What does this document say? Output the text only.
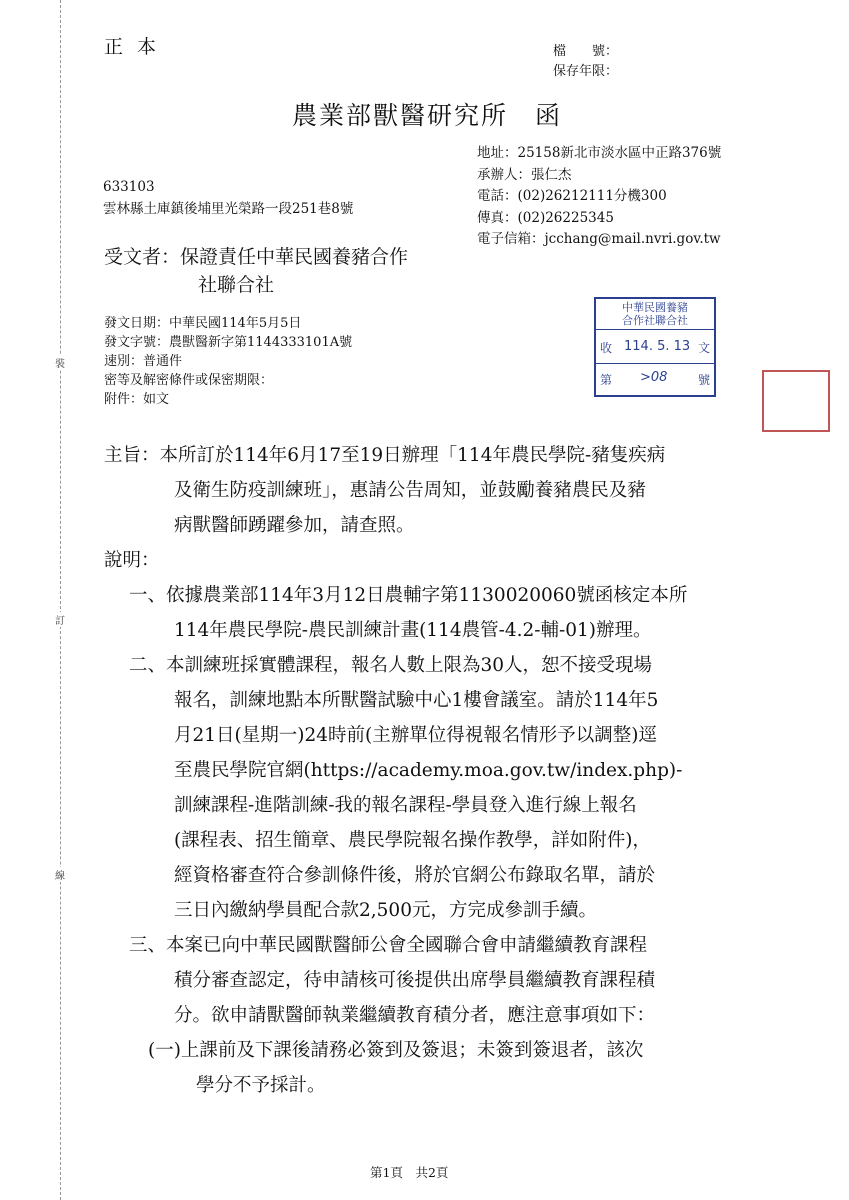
裝
訂
線
正本	檔　　號：
保存年限：
農業部獸醫研究所　函
地址：25158新北市淡水區中正路376號
承辦人：張仁杰
電話：(02)26212111分機300
傳真：(02)26225345
電子信箱：jcchang@mail.nvri.gov.tw
633103
雲林縣土庫鎮後埔里光榮路一段251巷8號
受文者：保證責任中華民國養豬合作
社聯合社
中華民國養豬
合作社聯合社
收 114. 5. 13 文
第 >08	號
發文日期：中華民國114年5月5日
發文字號：農獸醫新字第1144333101A號
速別：普通件
密等及解密條件或保密期限：
附件：如文
主旨：本所訂於114年6月17至19日辦理「114年農民學院-豬隻疾病
及衛生防疫訓練班」，惠請公告周知，並鼓勵養豬農民及豬
病獸醫師踴躍參加，請查照。
說明：
一、依據農業部114年3月12日農輔字第1130020060號函核定本所
114年農民學院-農民訓練計畫(114農管-4.2-輔-01)辦理。
二、本訓練班採實體課程，報名人數上限為30人，恕不接受現場
報名，訓練地點本所獸醫試驗中心1樓會議室。請於114年5
月21日(星期一)24時前(主辦單位得視報名情形予以調整)逕
至農民學院官網(https://academy.moa.gov.tw/index.php)-
訓練課程-進階訓練-我的報名課程-學員登入進行線上報名
(課程表、招生簡章、農民學院報名操作教學，詳如附件)，
經資格審查符合參訓條件後，將於官網公布錄取名單，請於
三日內繳納學員配合款2,500元，方完成參訓手續。
三、本案已向中華民國獸醫師公會全國聯合會申請繼續教育課程
積分審查認定，待申請核可後提供出席學員繼續教育課程積
分。欲申請獸醫師執業繼續教育積分者，應注意事項如下：
(一)上課前及下課後請務必簽到及簽退；未簽到簽退者，該次
學分不予採計。
第1頁　共2頁
